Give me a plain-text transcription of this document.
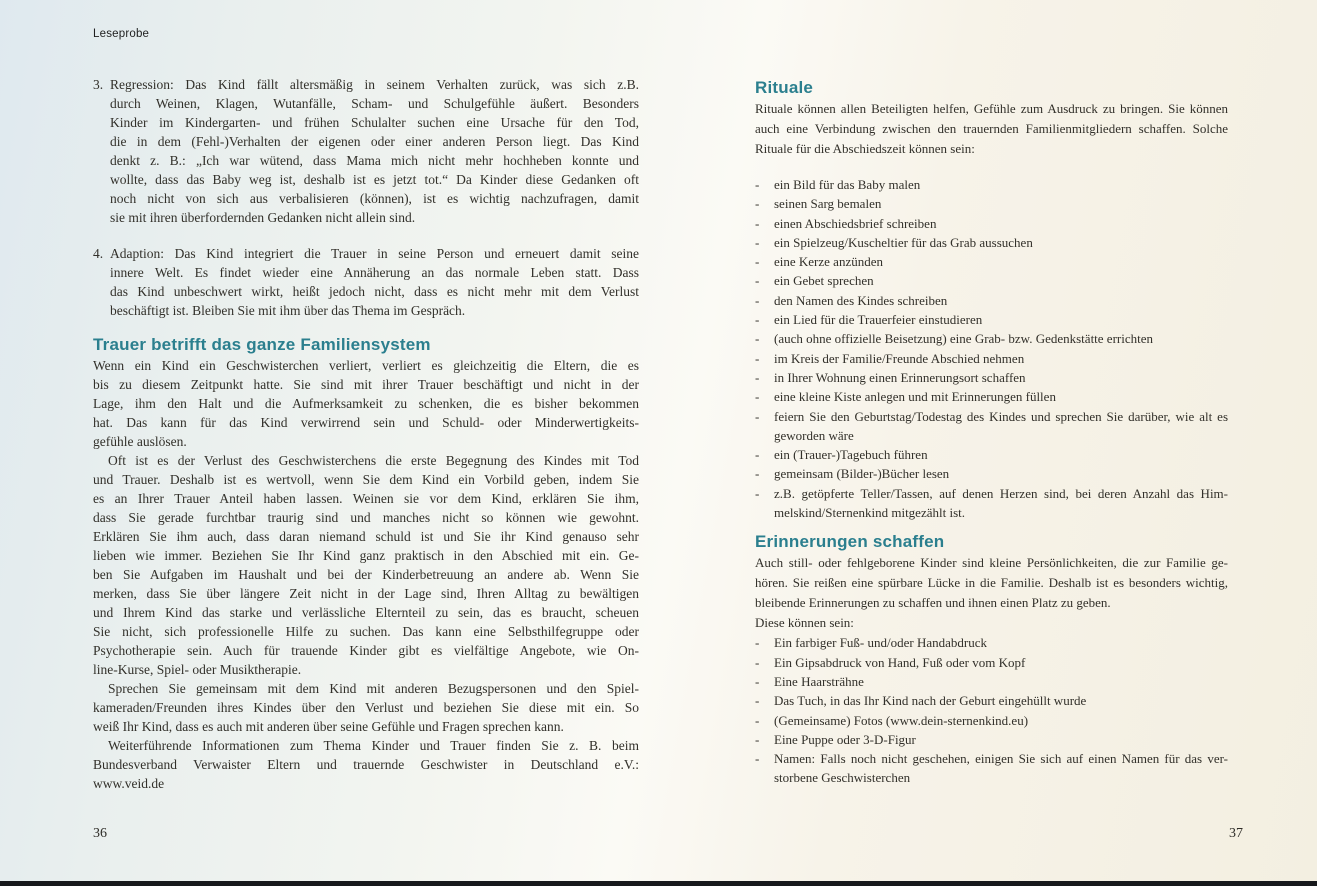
Leseprobe
3. Regression: Das Kind fällt altersmäßig in seinem Verhalten zurück, was sich z.B.
durch Weinen, Klagen, Wutanfälle, Scham- und Schulgefühle äußert. Besonders
Kinder im Kindergarten- und frühen Schulalter suchen eine Ursache für den Tod,
die in dem (Fehl-)Verhalten der eigenen oder einer anderen Person liegt. Das Kind
denkt z. B.: „Ich war wütend, dass Mama mich nicht mehr hochheben konnte und
wollte, dass das Baby weg ist, deshalb ist es jetzt tot.“ Da Kinder diese Gedanken oft
noch nicht von sich aus verbalisieren (können), ist es wichtig nachzufragen, damit
sie mit ihren überfordernden Gedanken nicht allein sind.
4. Adaption: Das Kind integriert die Trauer in seine Person und erneuert damit seine
innere Welt. Es findet wieder eine Annäherung an das normale Leben statt. Dass
das Kind unbeschwert wirkt, heißt jedoch nicht, dass es nicht mehr mit dem Verlust
beschäftigt ist. Bleiben Sie mit ihm über das Thema im Gespräch.
Trauer betrifft das ganze Familiensystem
Wenn ein Kind ein Geschwisterchen verliert, verliert es gleichzeitig die Eltern, die es
bis zu diesem Zeitpunkt hatte. Sie sind mit ihrer Trauer beschäftigt und nicht in der
Lage, ihm den Halt und die Aufmerksamkeit zu schenken, die es bisher bekommen
hat. Das kann für das Kind verwirrend sein und Schuld- oder Minderwertigkeits-
gefühle auslösen.
Oft ist es der Verlust des Geschwisterchens die erste Begegnung des Kindes mit Tod
und Trauer. Deshalb ist es wertvoll, wenn Sie dem Kind ein Vorbild geben, indem Sie
es an Ihrer Trauer Anteil haben lassen. Weinen sie vor dem Kind, erklären Sie ihm,
dass Sie gerade furchtbar traurig sind und manches nicht so können wie gewohnt.
Erklären Sie ihm auch, dass daran niemand schuld ist und Sie ihr Kind genauso sehr
lieben wie immer. Beziehen Sie Ihr Kind ganz praktisch in den Abschied mit ein. Ge-
ben Sie Aufgaben im Haushalt und bei der Kinderbetreuung an andere ab. Wenn Sie
merken, dass Sie über längere Zeit nicht in der Lage sind, Ihren Alltag zu bewältigen
und Ihrem Kind das starke und verlässliche Elternteil zu sein, das es braucht, scheuen
Sie nicht, sich professionelle Hilfe zu suchen. Das kann eine Selbsthilfegruppe oder
Psychotherapie sein. Auch für trauende Kinder gibt es vielfältige Angebote, wie On-
line-Kurse, Spiel- oder Musiktherapie.
Sprechen Sie gemeinsam mit dem Kind mit anderen Bezugspersonen und den Spiel-
kameraden/Freunden ihres Kindes über den Verlust und beziehen Sie diese mit ein. So
weiß Ihr Kind, dass es auch mit anderen über seine Gefühle und Fragen sprechen kann.
Weiterführende Informationen zum Thema Kinder und Trauer finden Sie z. B. beim
Bundesverband Verwaister Eltern und trauernde Geschwister in Deutschland e.V.:
www.veid.de
Rituale
Rituale können allen Beteiligten helfen, Gefühle zum Ausdruck zu bringen. Sie können
auch eine Verbindung zwischen den trauernden Familienmitgliedern schaffen. Solche
Rituale für die Abschiedszeit können sein:
-	ein Bild für das Baby malen
-	seinen Sarg bemalen
-	einen Abschiedsbrief schreiben
-	ein Spielzeug/Kuscheltier für das Grab aussuchen
-	eine Kerze anzünden
-	ein Gebet sprechen
-	den Namen des Kindes schreiben
-	ein Lied für die Trauerfeier einstudieren
-	(auch ohne offizielle Beisetzung) eine Grab- bzw. Gedenkstätte errichten
-	im Kreis der Familie/Freunde Abschied nehmen
-	in Ihrer Wohnung einen Erinnerungsort schaffen
-	eine kleine Kiste anlegen und mit Erinnerungen füllen
-	feiern Sie den Geburtstag/Todestag des Kindes und sprechen Sie darüber, wie alt es
geworden wäre
-	ein (Trauer-)Tagebuch führen
-	gemeinsam (Bilder-)Bücher lesen
-	z.B. getöpferte Teller/Tassen, auf denen Herzen sind, bei deren Anzahl das Him-
melskind/Sternenkind mitgezählt ist.
Erinnerungen schaffen
Auch still- oder fehlgeborene Kinder sind kleine Persönlichkeiten, die zur Familie ge-
hören. Sie reißen eine spürbare Lücke in die Familie. Deshalb ist es besonders wichtig,
bleibende Erinnerungen zu schaffen und ihnen einen Platz zu geben.
Diese können sein:
-	Ein farbiger Fuß- und/oder Handabdruck
-	Ein Gipsabdruck von Hand, Fuß oder vom Kopf
-	Eine Haarsträhne
-	Das Tuch, in das Ihr Kind nach der Geburt eingehüllt wurde
-	(Gemeinsame) Fotos (www.dein-sternenkind.eu)
-	Eine Puppe oder 3-D-Figur
-	Namen: Falls noch nicht geschehen, einigen Sie sich auf einen Namen für das ver-
storbene Geschwisterchen
36	37
